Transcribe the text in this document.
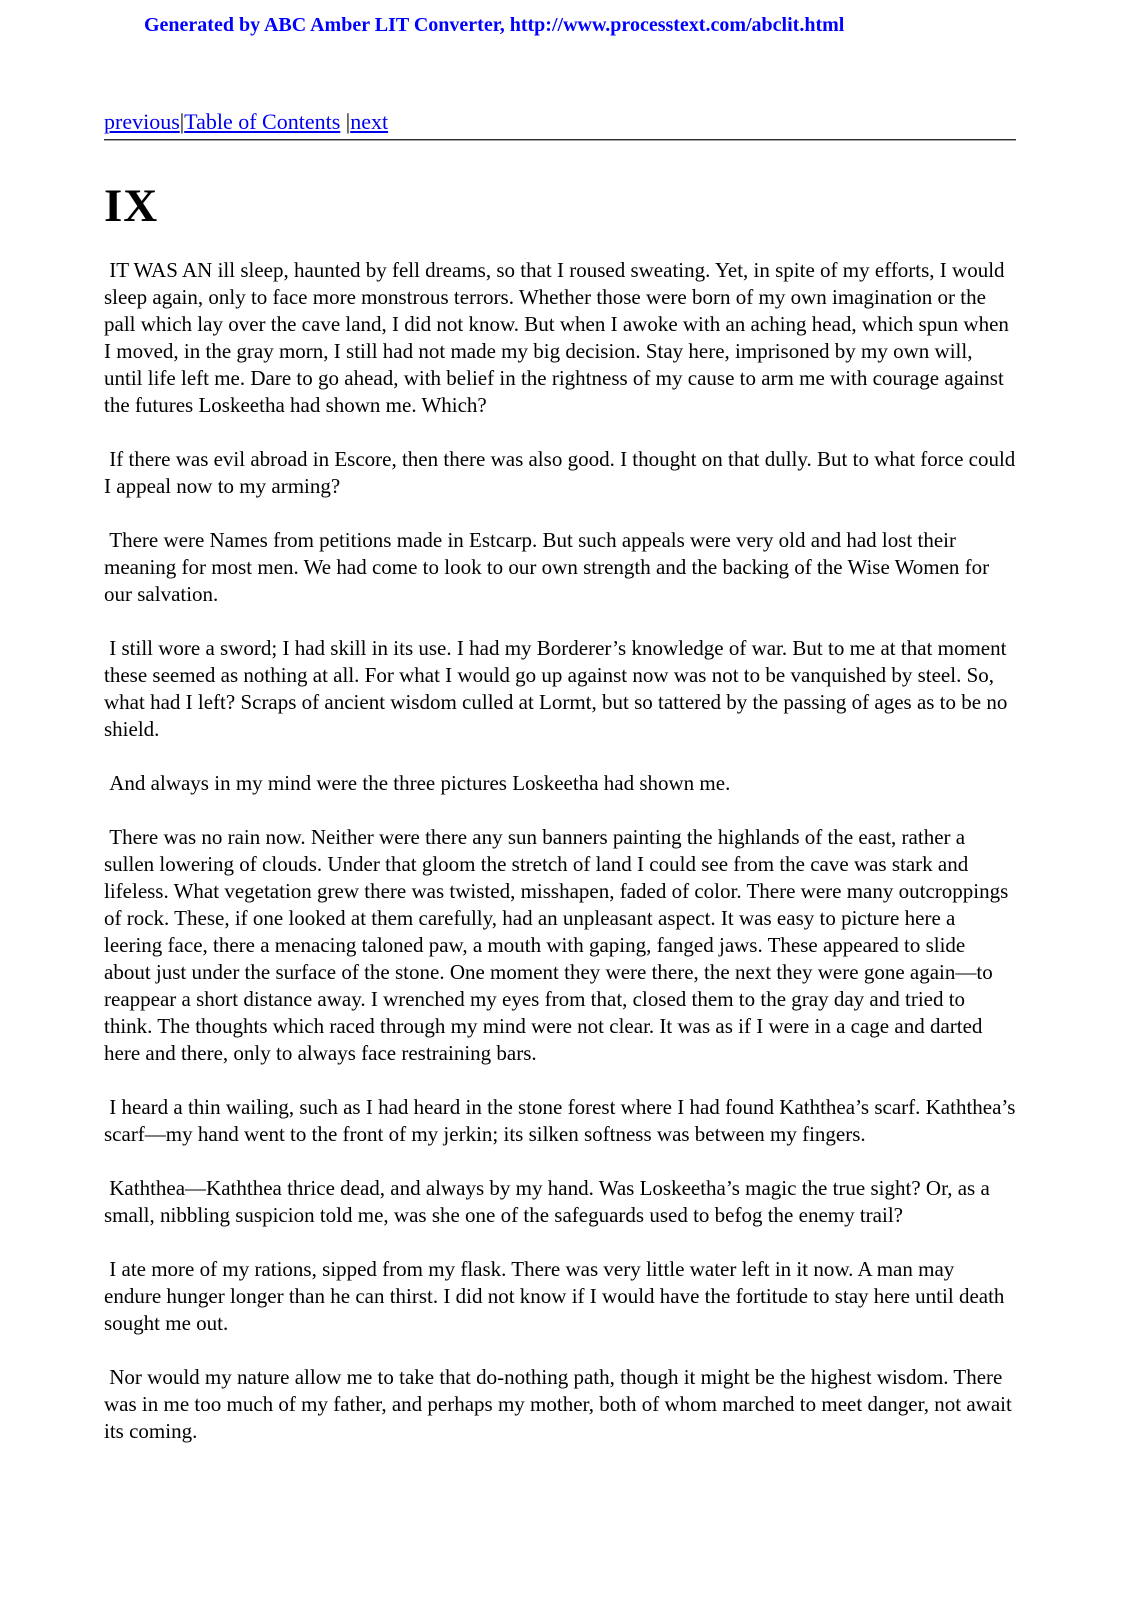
Generated by ABC Amber LIT Converter, http://www.processtext.com/abclit.html
previous|Table of Contents |next
IX

IT WAS AN ill sleep, haunted by fell dreams, so that I roused sweating. Yet, in spite of my efforts, I would sleep again, only to face more monstrous terrors. Whether those were born of my own imagination or the pall which lay over the cave land, I did not know. But when I awoke with an aching head, which spun when I moved, in the gray morn, I still had not made my big decision. Stay here, imprisoned by my own will, until life left me. Dare to go ahead, with belief in the rightness of my cause to arm me with courage against the futures Loskeetha had shown me. Which?

If there was evil abroad in Escore, then there was also good. I thought on that dully. But to what force could I appeal now to my arming?

There were Names from petitions made in Estcarp. But such appeals were very old and had lost their meaning for most men. We had come to look to our own strength and the backing of the Wise Women for our salvation.

I still wore a sword; I had skill in its use. I had my Borderer’s knowledge of war. But to me at that moment these seemed as nothing at all. For what I would go up against now was not to be vanquished by steel. So, what had I left? Scraps of ancient wisdom culled at Lormt, but so tattered by the passing of ages as to be no shield.

And always in my mind were the three pictures Loskeetha had shown me.

There was no rain now. Neither were there any sun banners painting the highlands of the east, rather a sullen lowering of clouds. Under that gloom the stretch of land I could see from the cave was stark and lifeless. What vegetation grew there was twisted, misshapen, faded of color. There were many outcroppings of rock. These, if one looked at them carefully, had an unpleasant aspect. It was easy to picture here a leering face, there a menacing taloned paw, a mouth with gaping, fanged jaws. These appeared to slide about just under the surface of the stone. One moment they were there, the next they were gone again—to reappear a short distance away. I wrenched my eyes from that, closed them to the gray day and tried to think. The thoughts which raced through my mind were not clear. It was as if I were in a cage and darted here and there, only to always face restraining bars.

I heard a thin wailing, such as I had heard in the stone forest where I had found Kaththea’s scarf. Kaththea’s scarf—my hand went to the front of my jerkin; its silken softness was between my fingers.

Kaththea—Kaththea thrice dead, and always by my hand. Was Loskeetha’s magic the true sight? Or, as a small, nibbling suspicion told me, was she one of the safeguards used to befog the enemy trail?

I ate more of my rations, sipped from my flask. There was very little water left in it now. A man may endure hunger longer than he can thirst. I did not know if I would have the fortitude to stay here until death sought me out.

Nor would my nature allow me to take that do-nothing path, though it might be the highest wisdom. There was in me too much of my father, and perhaps my mother, both of whom marched to meet danger, not await its coming.
